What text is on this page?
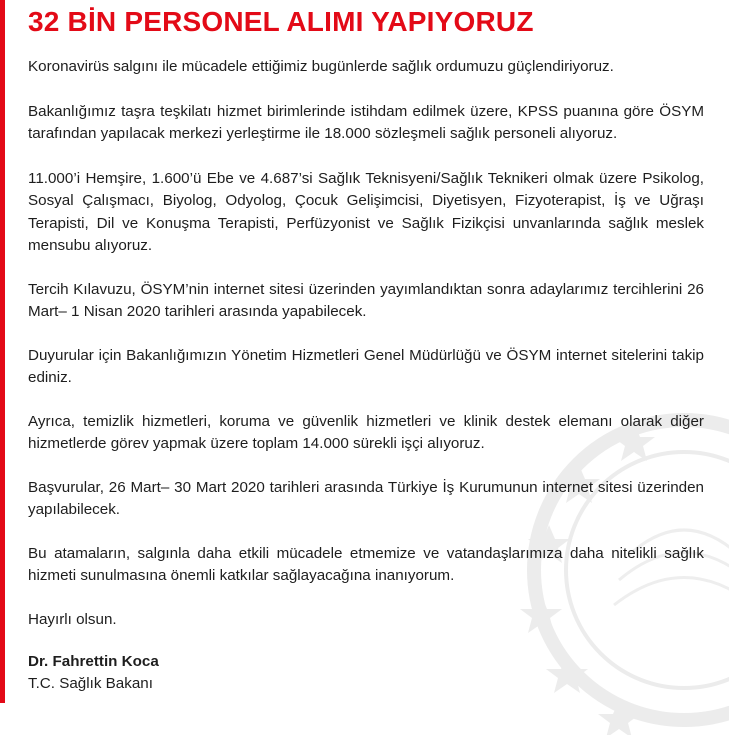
32 BİN PERSONEL ALIMI YAPIYORUZ

Koronavirüs salgını ile mücadele ettiğimiz bugünlerde sağlık ordumuzu güçlendiriyoruz.

Bakanlığımız taşra teşkilatı hizmet birimlerinde istihdam edilmek üzere, KPSS puanına göre ÖSYM tarafından yapılacak merkezi yerleştirme ile 18.000 sözleşmeli sağlık personeli alıyoruz.

11.000’i Hemşire, 1.600’ü Ebe ve 4.687’si Sağlık Teknisyeni/Sağlık Teknikeri olmak üzere Psikolog, Sosyal Çalışmacı, Biyolog, Odyolog, Çocuk Gelişimcisi, Diyetisyen, Fizyoterapist, İş ve Uğraşı Terapisti, Dil ve Konuşma Terapisti, Perfüzyonist ve Sağlık Fizikçisi unvanlarında sağlık meslek mensubu alıyoruz.

Tercih Kılavuzu, ÖSYM’nin internet sitesi üzerinden yayımlandıktan sonra adaylarımız tercihlerini 26 Mart– 1 Nisan 2020 tarihleri arasında yapabilecek.

Duyurular için Bakanlığımızın Yönetim Hizmetleri Genel Müdürlüğü ve ÖSYM internet sitelerini takip ediniz.

Ayrıca, temizlik hizmetleri, koruma ve güvenlik hizmetleri ve klinik destek elemanı olarak diğer hizmetlerde görev yapmak üzere toplam 14.000 sürekli işçi alıyoruz.

Başvurular, 26 Mart– 30 Mart 2020 tarihleri arasında Türkiye İş Kurumunun internet sitesi üzerinden yapılabilecek.

Bu atamaların, salgınla daha etkili mücadele etmemize ve vatandaşlarımıza daha nitelikli sağlık hizmeti sunulmasına önemli katkılar sağlayacağına inanıyorum.

Hayırlı olsun.

Dr. Fahrettin Koca

T.C. Sağlık Bakanı
